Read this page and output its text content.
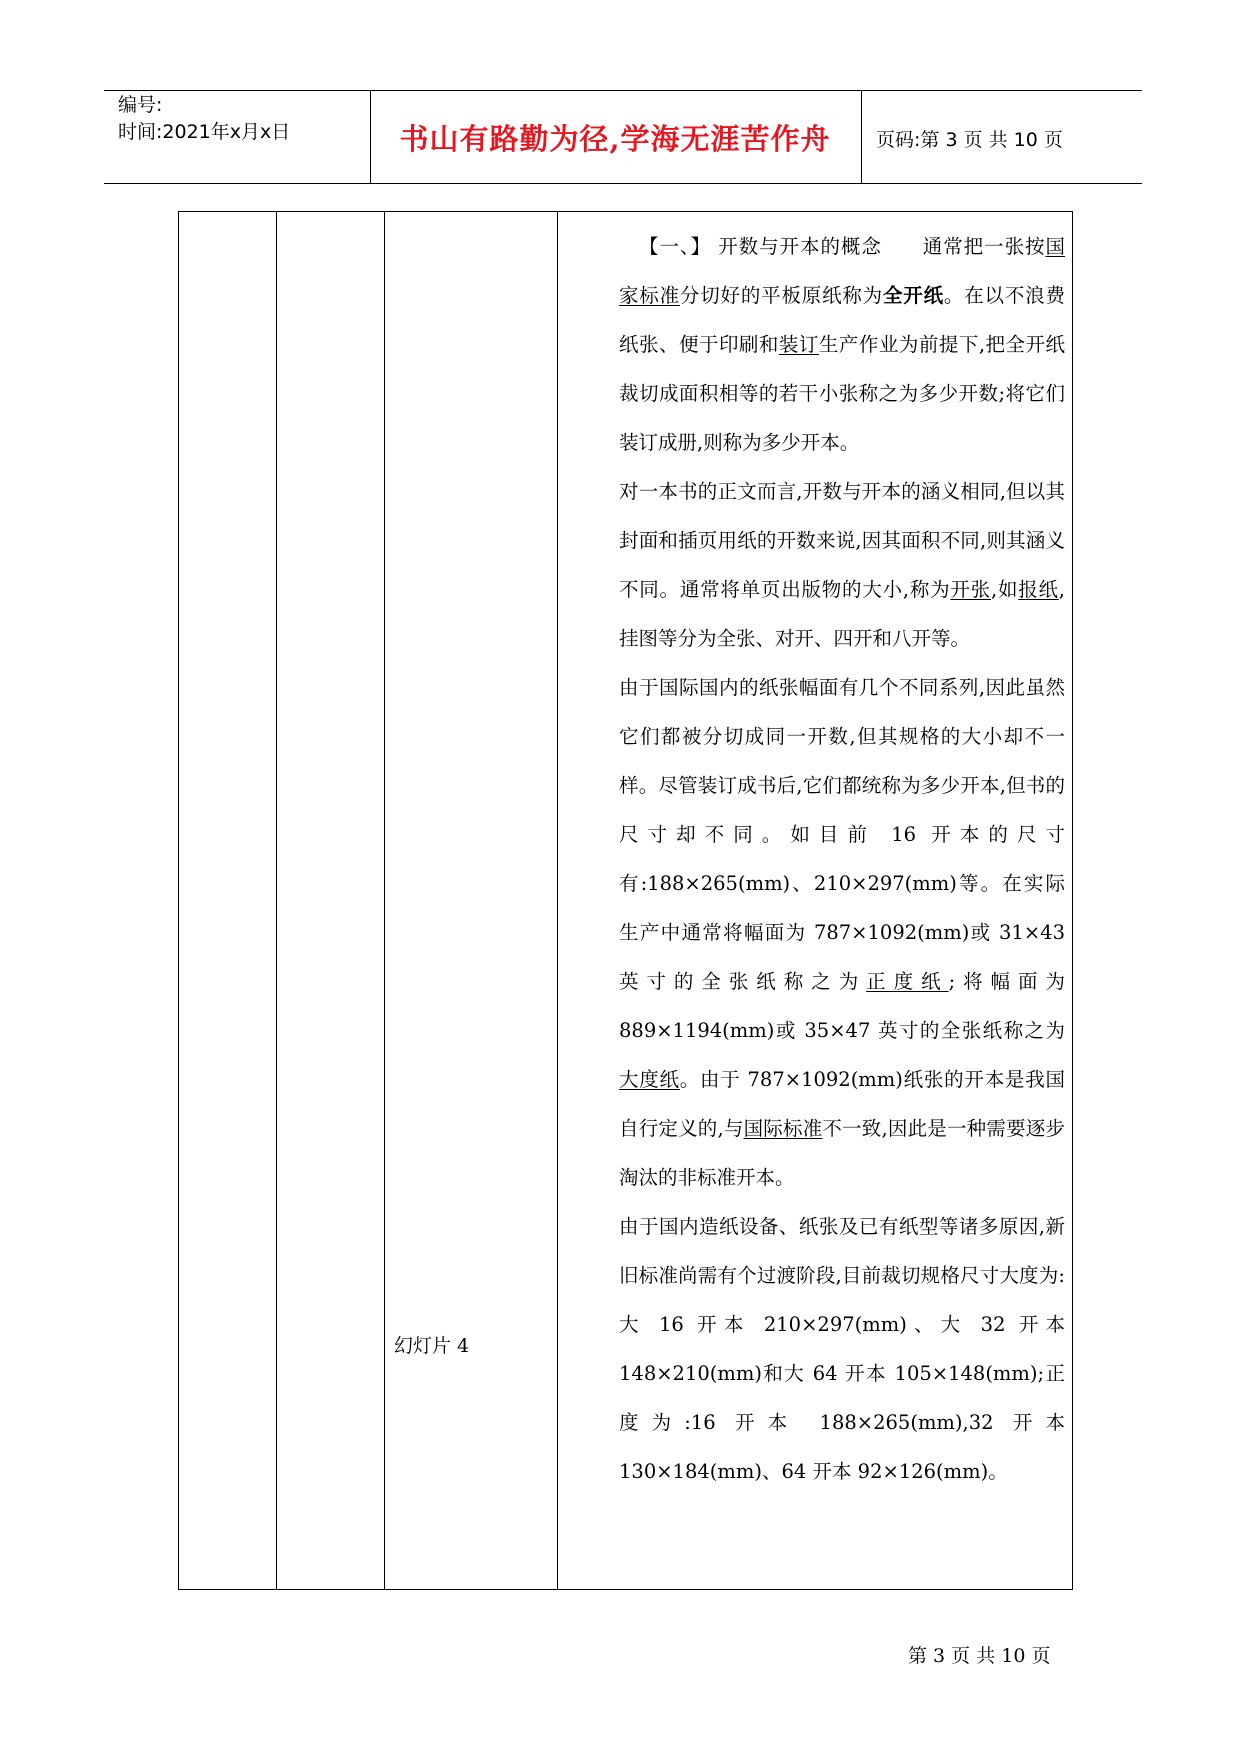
编号:
时间:2021年x月x日	书山有路勤为径,学海无涯苦作舟	页码:第 3 页 共 10 页
幻灯片 4

【一、】 开数与开本的概念 通常把一张按国家标准分切好的平板原纸称为全开纸。在以不浪费纸张、便于印刷和装订生产作业为前提下,把全开纸裁切成面积相等的若干小张称之为多少开数;将它们装订成册,则称为多少开本。

对一本书的正文而言,开数与开本的涵义相同,但以其封面和插页用纸的开数来说,因其面积不同,则其涵义不同。通常将单页出版物的大小,称为开张,如报纸,挂图等分为全张、对开、四开和八开等。

由于国际国内的纸张幅面有几个不同系列,因此虽然它们都被分切成同一开数,但其规格的大小却不一样。尽管装订成书后,它们都统称为多少开本,但书的尺寸却不同。如目前 16 开本的尺寸有:188×265(mm)、210×297(mm)等。在实际生产中通常将幅面为 787×1092(mm)或 31×43 英寸的全张纸称之为正度纸;将幅面为 889×1194(mm)或 35×47 英寸的全张纸称之为大度纸。由于 787×1092(mm)纸张的开本是我国自行定义的,与国际标准不一致,因此是一种需要逐步淘汰的非标准开本。

由于国内造纸设备、纸张及已有纸型等诸多原因,新旧标准尚需有个过渡阶段,目前裁切规格尺寸大度为:大 16 开本 210×297(mm)、大 32 开本 148×210(mm)和大 64 开本 105×148(mm);正度为:16 开本 188×265(mm),32 开本 130×184(mm)、64 开本 92×126(mm)。

第 3 页 共 10 页
